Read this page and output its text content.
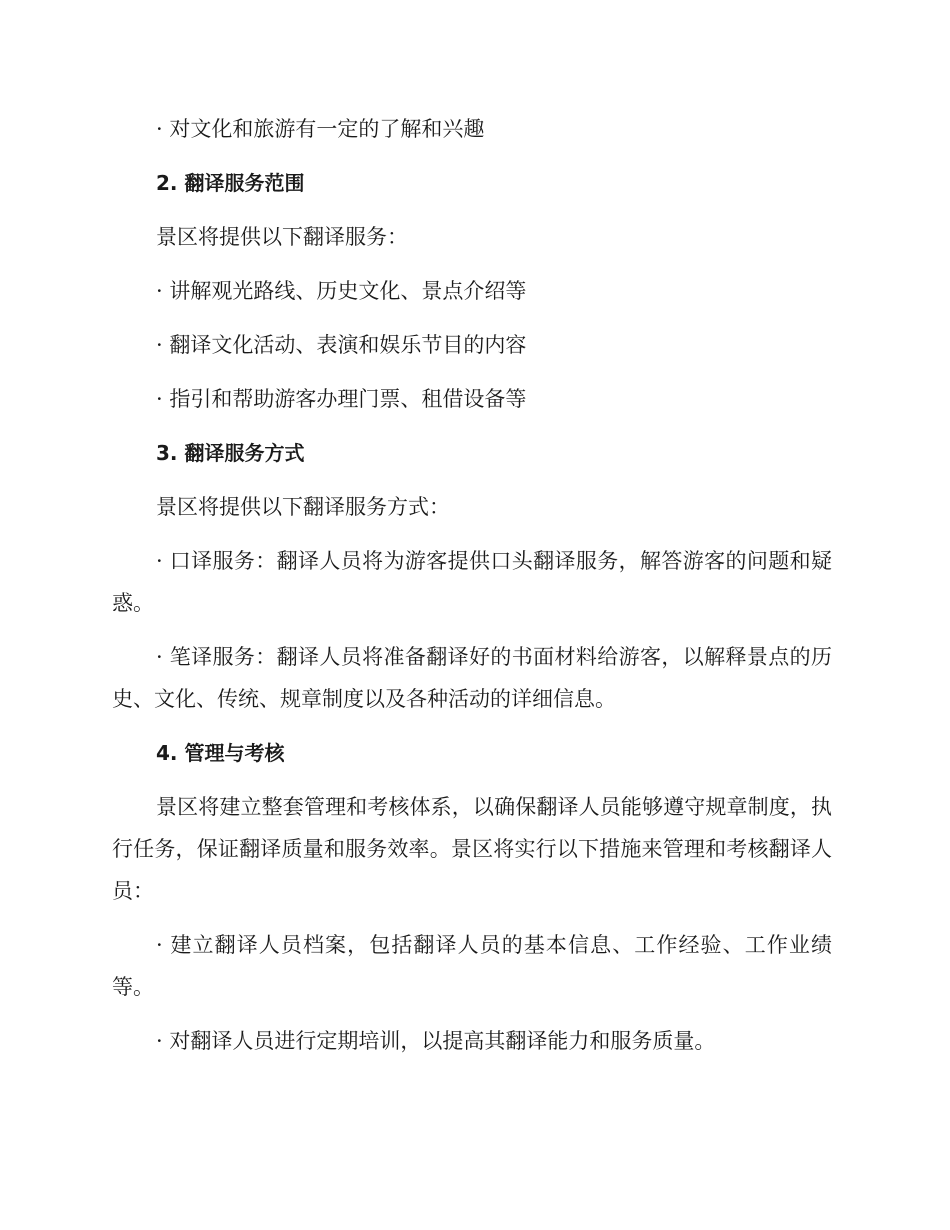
· 对文化和旅游有一定的了解和兴趣

2. 翻译服务范围

景区将提供以下翻译服务：

· 讲解观光路线、历史文化、景点介绍等

· 翻译文化活动、表演和娱乐节目的内容

· 指引和帮助游客办理门票、租借设备等

3. 翻译服务方式

景区将提供以下翻译服务方式：

· 口译服务：翻译人员将为游客提供口头翻译服务，解答游客的问题和疑惑。

· 笔译服务：翻译人员将准备翻译好的书面材料给游客，以解释景点的历史、文化、传统、规章制度以及各种活动的详细信息。

4. 管理与考核

景区将建立整套管理和考核体系，以确保翻译人员能够遵守规章制度，执行任务，保证翻译质量和服务效率。景区将实行以下措施来管理和考核翻译人员：

· 建立翻译人员档案，包括翻译人员的基本信息、工作经验、工作业绩等。

· 对翻译人员进行定期培训，以提高其翻译能力和服务质量。
